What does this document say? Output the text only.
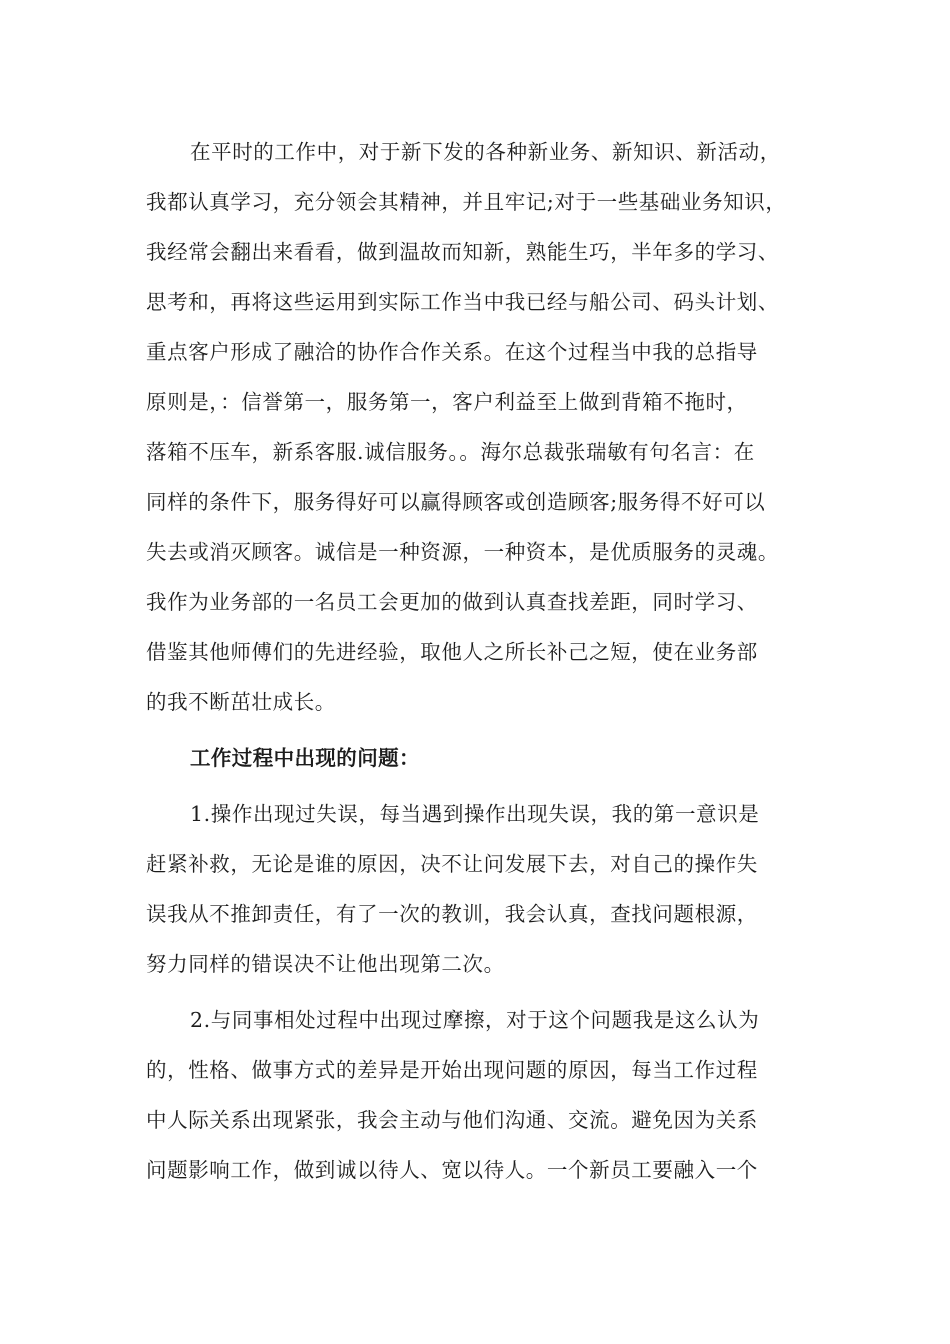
在平时的工作中，对于新下发的各种新业务、新知识、新活动，
我都认真学习，充分领会其精神，并且牢记;对于一些基础业务知识，
我经常会翻出来看看，做到温故而知新，熟能生巧，半年多的学习、
思考和，再将这些运用到实际工作当中我已经与船公司、码头计划、
重点客户形成了融洽的协作合作关系。在这个过程当中我的总指导
原则是，：信誉第一，服务第一，客户利益至上做到背箱不拖时，
落箱不压车，新系客服.诚信服务。。海尔总裁张瑞敏有句名言：在
同样的条件下，服务得好可以赢得顾客或创造顾客;服务得不好可以
失去或消灭顾客。诚信是一种资源，一种资本，是优质服务的灵魂。
我作为业务部的一名员工会更加的做到认真查找差距，同时学习、
借鉴其他师傅们的先进经验，取他人之所长补己之短，使在业务部
的我不断茁壮成长。
工作过程中出现的问题：
1.操作出现过失误，每当遇到操作出现失误，我的第一意识是
赶紧补救，无论是谁的原因，决不让问发展下去，对自己的操作失
误我从不推卸责任，有了一次的教训，我会认真，查找问题根源，
努力同样的错误决不让他出现第二次。
2.与同事相处过程中出现过摩擦，对于这个问题我是这么认为
的，性格、做事方式的差异是开始出现问题的原因，每当工作过程
中人际关系出现紧张，我会主动与他们沟通、交流。避免因为关系
问题影响工作，做到诚以待人、宽以待人。一个新员工要融入一个
